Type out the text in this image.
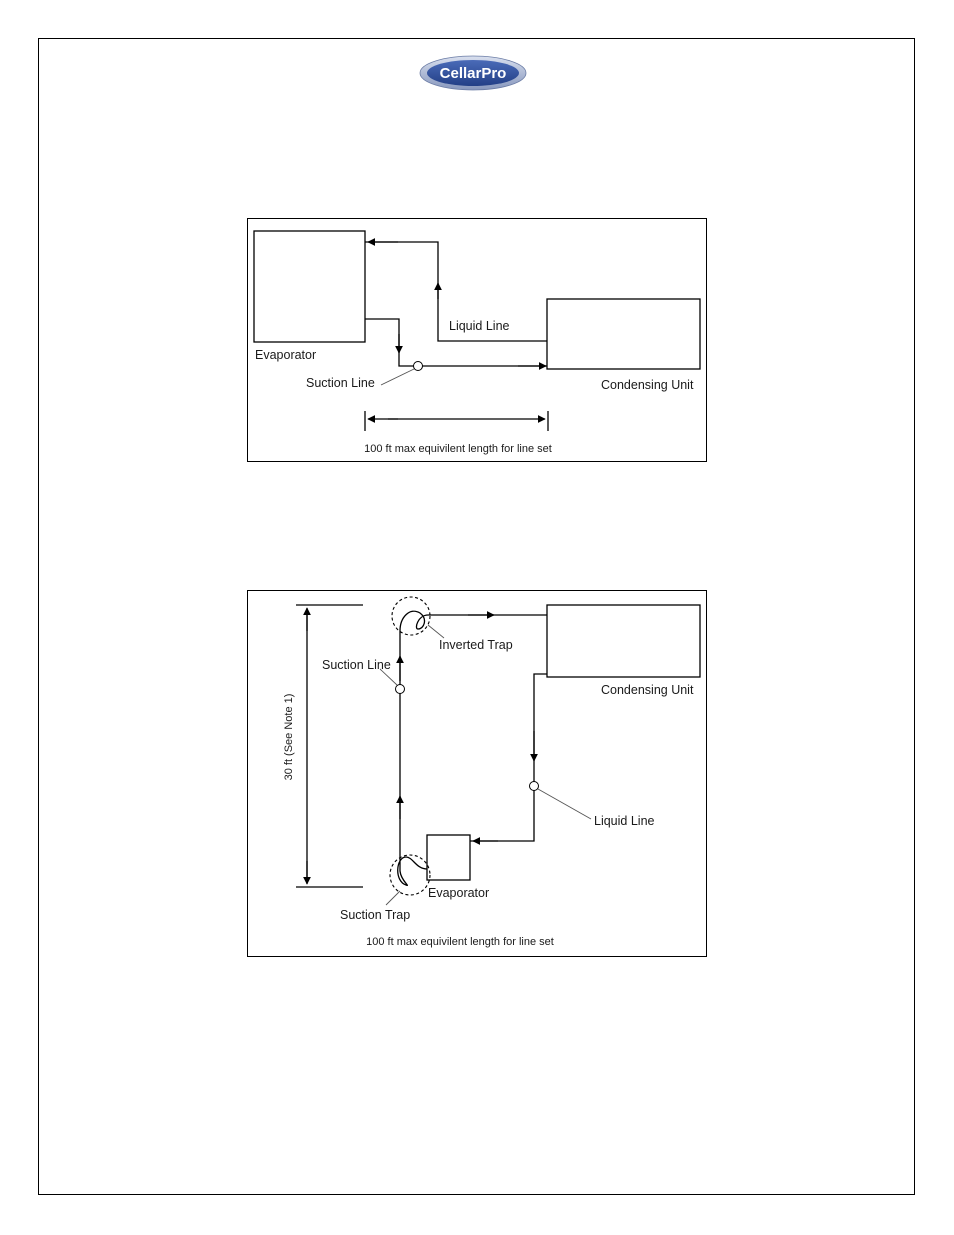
CellarPro
Evaporator
Condensing Unit
Liquid Line
Suction Line
100 ft max equivilent length for line set
30 ft (See Note 1)
Suction Line
Inverted Trap
Condensing Unit
Liquid Line
Evaporator
Suction Trap
100 ft max equivilent length for line set
